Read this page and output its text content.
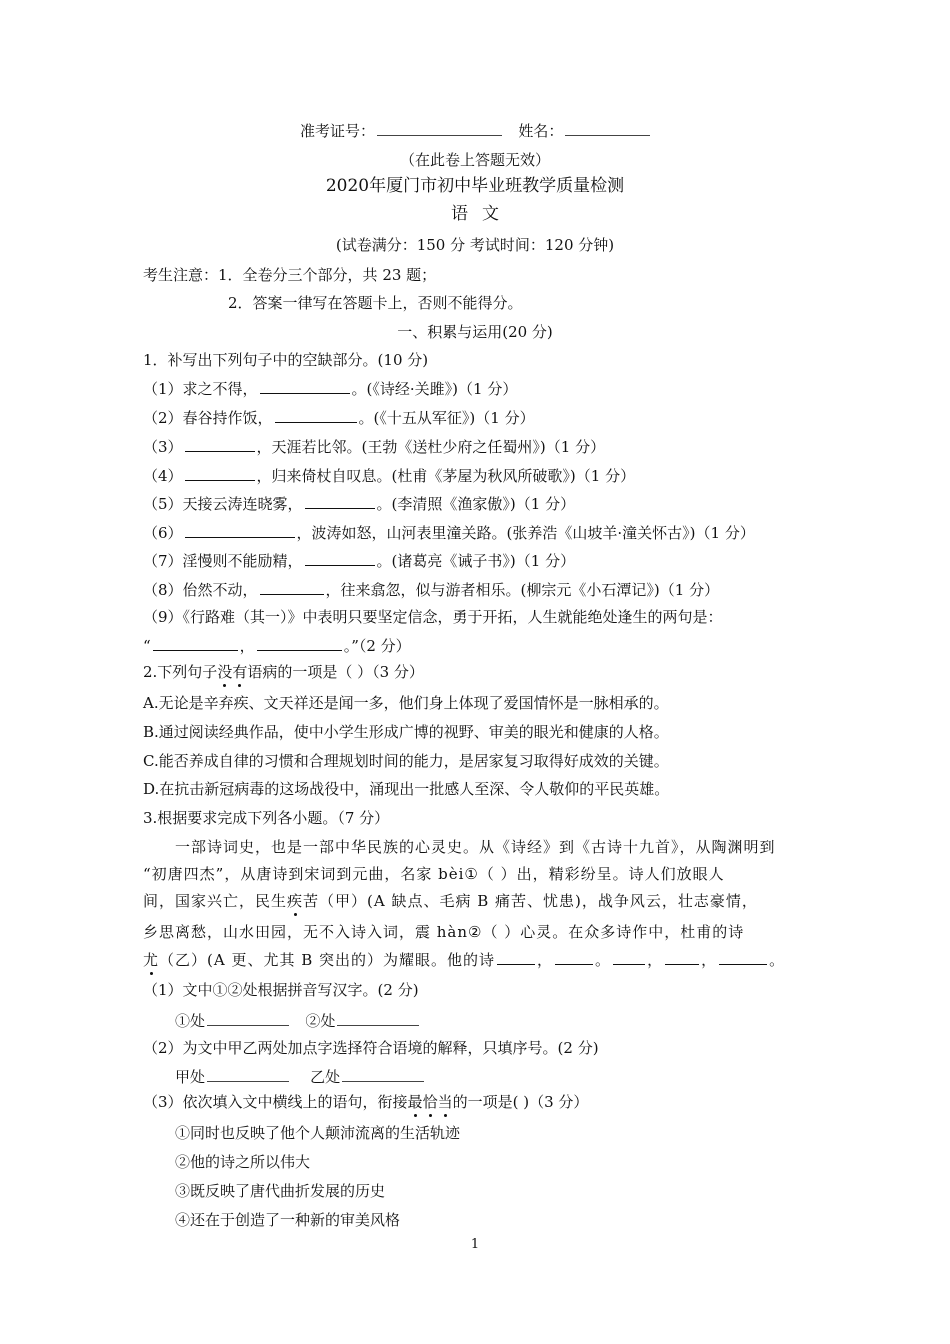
准考证号：	姓名：
（在此卷上答题无效）
2020年厦门市初中毕业班教学质量检测
语文
(试卷满分：150 分 考试时间：120 分钟)
考生注意：1．全卷分三个部分，共 23 题；
2．答案一律写在答题卡上，否则不能得分。
一、积累与运用(20 分)
1．补写出下列句子中的空缺部分。(10 分)
（1）求之不得，	。(《诗经·关雎》)（1 分）
（2）春谷持作饭，	。(《十五从军征》)（1 分）
（3）	，天涯若比邻。(王勃《送杜少府之任蜀州》)（1 分）
（4）	，归来倚杖自叹息。(杜甫《茅屋为秋风所破歌》)（1 分）
（5）天接云涛连晓雾，	。(李清照《渔家傲》)（1 分）
（6）	，波涛如怒，山河表里潼关路。(张养浩《山坡羊·潼关怀古》)（1 分）
（7）淫慢则不能励精，	。(诸葛亮《诫子书》)（1 分）
（8）佁然不动，	，往来翕忽，似与游者相乐。(柳宗元《小石潭记》)（1 分）
（9）《行路难（其一）》中表明只要坚定信念，勇于开拓，人生就能绝处逢生的两句是：
“	，	。”（2 分）
2.下列句子没有语病的一项是（ ）（3 分）
A.无论是辛弃疾、文天祥还是闻一多，他们身上体现了爱国情怀是一脉相承的。
B.通过阅读经典作品，使中小学生形成广博的视野、审美的眼光和健康的人格。
C.能否养成自律的习惯和合理规划时间的能力，是居家复习取得好成效的关键。
D.在抗击新冠病毒的这场战役中，涌现出一批感人至深、令人敬仰的平民英雄。
3.根据要求完成下列各小题。（7 分）
一部诗词史，也是一部中华民族的心灵史。从《诗经》到《古诗十九首》，从陶渊明到
“初唐四杰”，从唐诗到宋词到元曲，名家 bèi①（ ）出，精彩纷呈。诗人们放眼人
间，国家兴亡，民生疾苦（甲）(A 缺点、毛病 B 痛苦、忧患)，战争风云，壮志豪情，
乡思离愁，山水田园，无不入诗入词，震 hàn②（ ）心灵。在众多诗作中，杜甫的诗
尤（乙）(A 更、尤其 B 突出的）为耀眼。他的诗	，	。 ，	，	。
（1）文中①②处根据拼音写汉字。(2 分)
①处	②处
（2）为文中甲乙两处加点字选择符合语境的解释，只填序号。(2 分)
甲处	乙处
（3）依次填入文中横线上的语句，衔接最恰当的一项是( )（3 分）
①同时也反映了他个人颠沛流离的生活轨迹
②他的诗之所以伟大
③既反映了唐代曲折发展的历史
④还在于创造了一种新的审美风格
1
